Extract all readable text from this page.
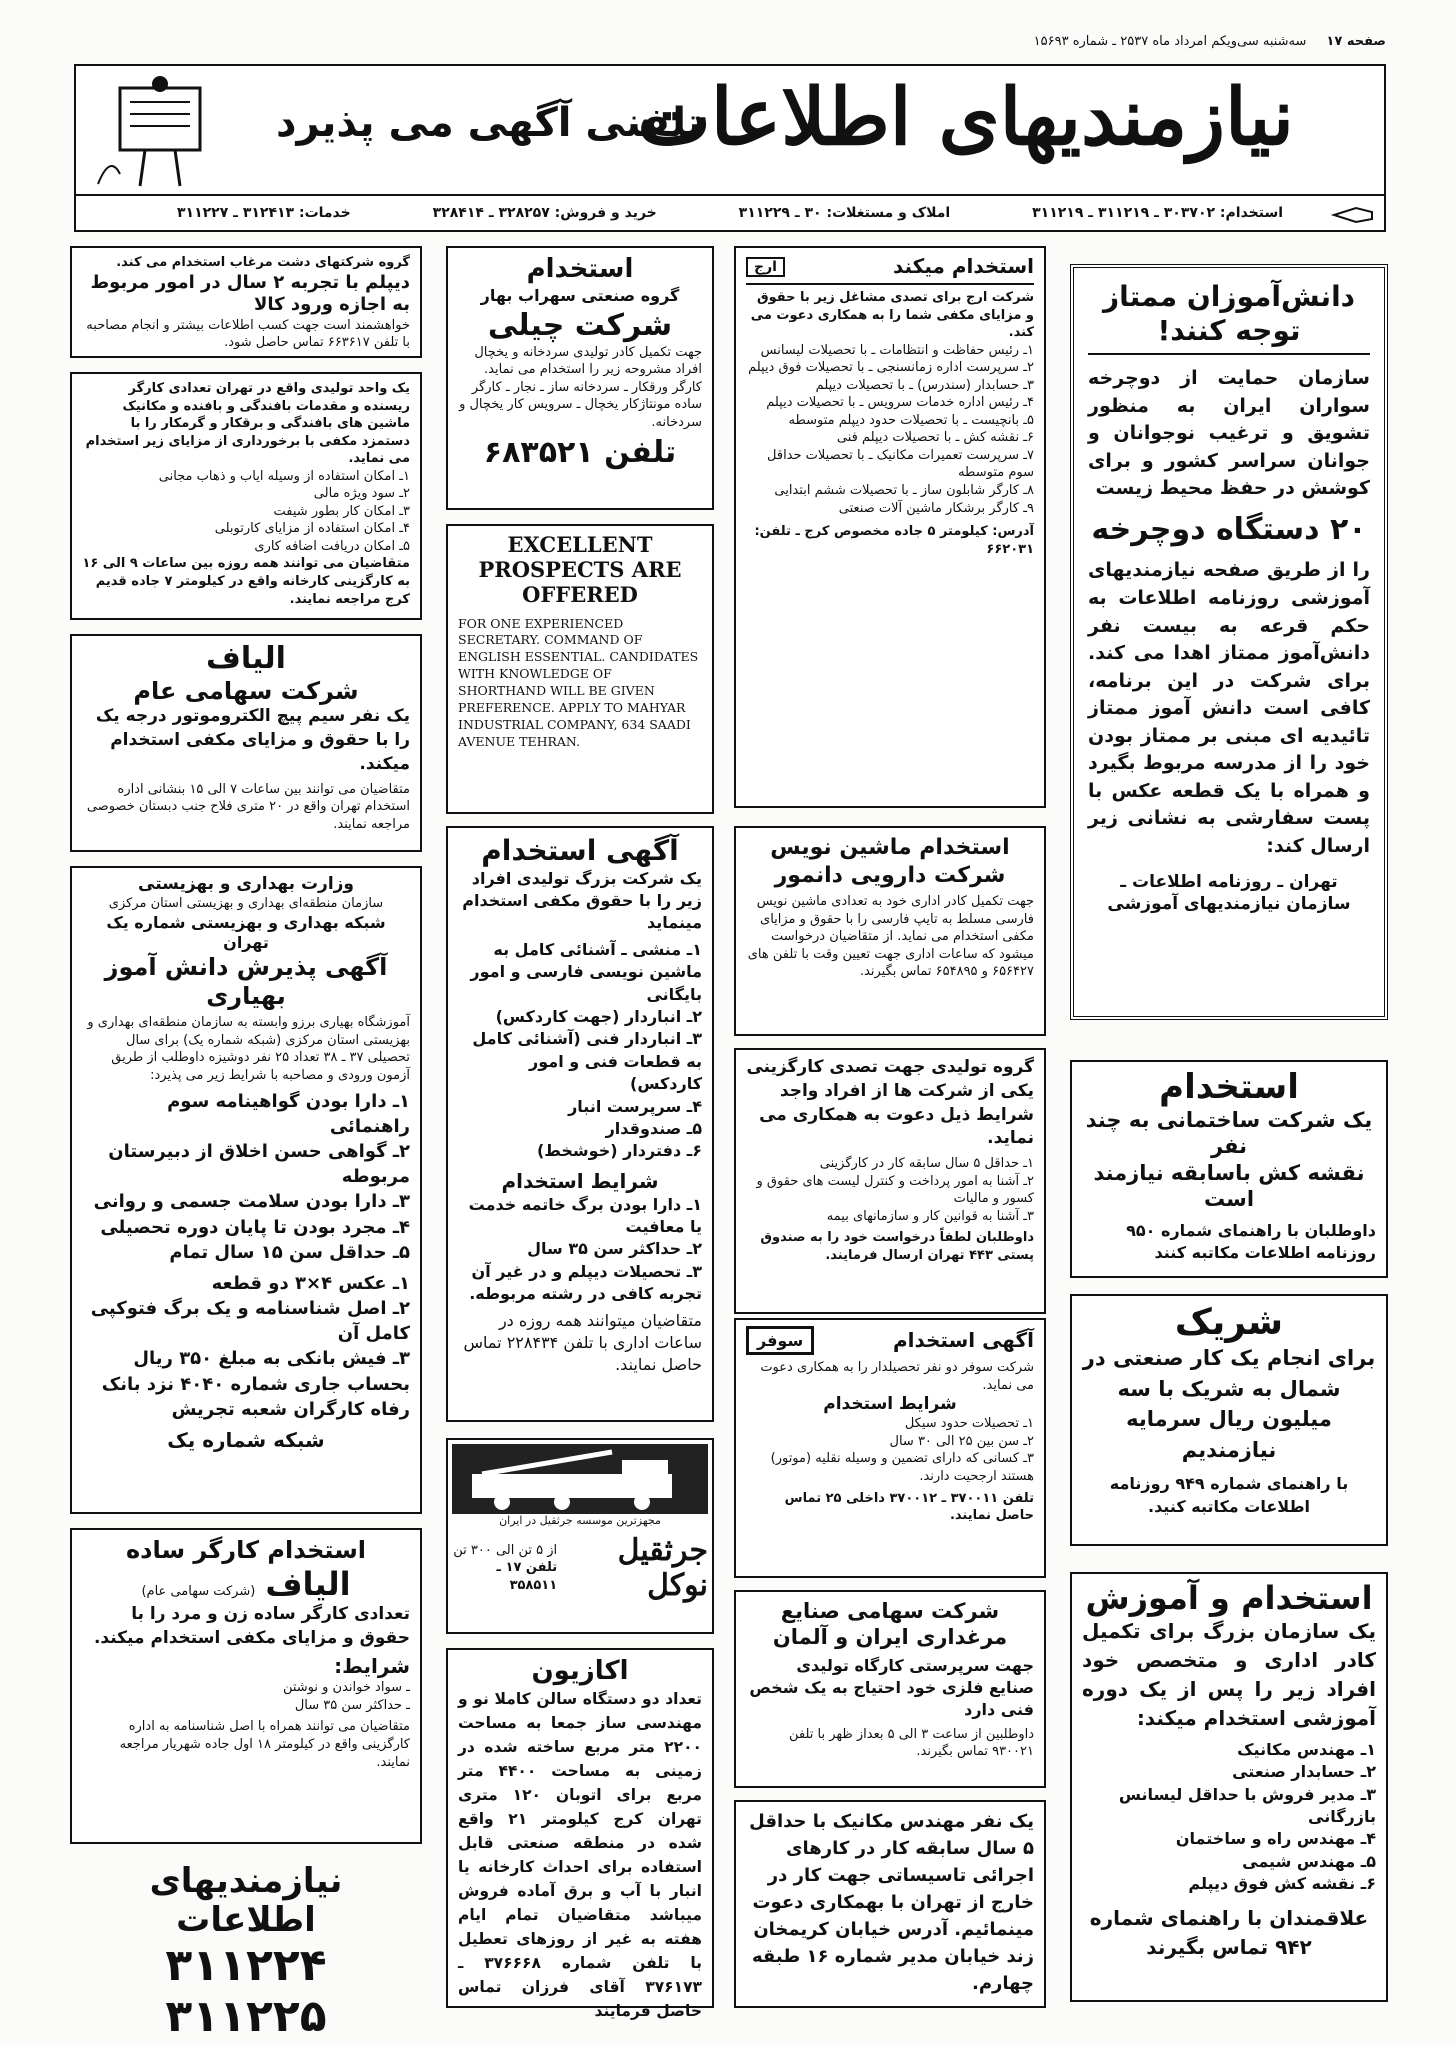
صفحه ۱۷
سه‌شنبه سی‌ویکم امرداد ماه ۲۵۳۷ ـ شماره ۱۵۶۹۳
نیازمندیهای اطلاعات
تلفنی آگهی می پذیرد
استخدام: ۳۰۳۷۰۲ ـ ۳۱۱۲۱۹ ـ ۳۱۱۲۱۹
املاک و مستغلات: ۳۰ ـ ۳۱۱۲۲۹
خرید و فروش: ۳۲۸۲۵۷ ـ ۳۲۸۴۱۴
خدمات: ۳۱۲۴۱۳ ـ ۳۱۱۲۲۷
دانش‌آموزان ممتاز توجه کنند!
سازمان حمایت از دوچرخه سواران ایران به منظور تشویق و ترغیب نوجوانان و جوانان سراسر کشور و برای کوشش در حفظ محیط زیست
۲۰ دستگاه دوچرخه
را از طریق صفحه نیازمندیهای آموزشی روزنامه اطلاعات به حکم قرعه به بیست نفر دانش‌آموز ممتاز اهدا می کند. برای شرکت در این برنامه، کافی است دانش آموز ممتاز تائیدیه ای مبنی بر ممتاز بودن خود را از مدرسه مربوط بگیرد و همراه با یک قطعه عکس با پست سفارشی به نشانی زیر ارسال کند:
تهران ـ روزنامه اطلاعات ـ سازمان نیازمندیهای آموزشی
استخدام
یک شرکت ساختمانی به چند نفر
نقشه کش باسابقه نیازمند است
داوطلبان با راهنمای شماره ۹۵۰ روزنامه اطلاعات مکاتبه کنند
شریک
برای انجام یک کار صنعتی در شمال به شریک با سه میلیون ریال سرمایه نیازمندیم
با راهنمای شماره ۹۴۹ روزنامه اطلاعات مکاتبه کنید.
استخدام و آموزش
یک سازمان بزرگ برای تکمیل کادر اداری و متخصص خود افراد زیر را پس از یک دوره آموزشی استخدام میکند:
۱ـ مهندس مکانیک
۲ـ حسابدار صنعتی
۳ـ مدیر فروش با حداقل لیسانس بازرگانی
۴ـ مهندس راه و ساختمان
۵ـ مهندس شیمی
۶ـ نقشه کش فوق دیپلم
علاقمندان با راهنمای شماره ۹۴۲ تماس بگیرند
استخدام میکند
ارج
شرکت ارج برای تصدی مشاغل زیر با حقوق و مزایای مکفی شما را به همکاری دعوت می کند.
۱ـ رئیس حفاظت و انتظامات ـ با تحصیلات لیسانس
۲ـ سرپرست اداره زمانسنجی ـ با تحصیلات فوق دیپلم
۳ـ حسابدار (سندرس) ـ با تحصیلات دیپلم
۴ـ رئیس اداره خدمات سرویس ـ با تحصیلات دیپلم
۵ـ بانچیست ـ با تحصیلات حدود دیپلم متوسطه
۶ـ نقشه کش ـ با تحصیلات دیپلم فنی
۷ـ سرپرست تعمیرات مکانیک ـ با تحصیلات حداقل سوم متوسطه
۸ـ کارگر شابلون ساز ـ با تحصیلات ششم ابتدایی
۹ـ کارگر برشکار ماشین آلات صنعتی
آدرس: کیلومتر ۵ جاده مخصوص کرج ـ تلفن: ۶۶۲۰۳۱
استخدام ماشین نویس
شرکت دارویی دانمور
جهت تکمیل کادر اداری خود به تعدادی ماشین نویس فارسی مسلط به تایپ فارسی را با حقوق و مزایای مکفی استخدام می نماید. از متقاضیان درخواست میشود که ساعات اداری جهت تعیین وقت با تلفن های ۶۵۶۴۲۷ و ۶۵۴۸۹۵ تماس بگیرند.
گروه تولیدی جهت تصدی کارگزینی یکی از شرکت ها از افراد واجد شرایط ذیل دعوت به همکاری می نماید.
۱ـ حداقل ۵ سال سابقه کار در کارگزینی
۲ـ آشنا به امور پرداخت و کنترل لیست های حقوق و کسور و مالیات
۳ـ آشنا به قوانین کار و سازمانهای بیمه
داوطلبان لطفاً درخواست خود را به صندوق پستی ۴۴۳ تهران ارسال فرمایند.
آگهی استخدام
سوفر
شرکت سوفر دو نفر تحصیلدار را به همکاری دعوت می نماید.
شرایط استخدام
۱ـ تحصیلات حدود سیکل
۲ـ سن بین ۲۵ الی ۳۰ سال
۳ـ کسانی که دارای تضمین و وسیله نقلیه (موتور) هستند ارجحیت دارند.
تلفن ۳۷۰۰۱۱ ـ ۳۷۰۰۱۲ داخلی ۲۵ تماس حاصل نمایند.
شرکت سهامی صنایع مرغداری ایران و آلمان
جهت سرپرستی کارگاه تولیدی صنایع فلزی خود احتیاج به یک شخص فنی دارد
داوطلبین از ساعت ۳ الی ۵ بعداز ظهر با تلفن ۹۳۰۰۲۱ تماس بگیرند.
یک نفر مهندس مکانیک با حداقل ۵ سال سابقه کار در کارهای اجرائی تاسیساتی جهت کار در خارج از تهران با بهمکاری دعوت مینمائیم. آدرس خیابان کریمخان زند خیابان مدیر شماره ۱۶ طبقه چهارم.
استخدام
گروه صنعتی سهراب بهار
شرکت چیلی
جهت تکمیل کادر تولیدی سردخانه و یخچال افراد مشروحه زیر را استخدام می نماید. کارگر ورقکار ـ سردخانه ساز ـ نجار ـ کارگر ساده مونتاژکار یخچال ـ سرویس کار یخچال و سردخانه.
تلفن ۶۸۳۵۲۱
EXCELLENT PROSPECTS ARE OFFERED
FOR ONE EXPERIENCED SECRETARY. COMMAND OF ENGLISH ESSENTIAL. CANDIDATES WITH KNOWLEDGE OF SHORTHAND WILL BE GIVEN PREFERENCE. APPLY TO MAHYAR INDUSTRIAL COMPANY, 634 SAADI AVENUE TEHRAN.
آگهی استخدام
یک شرکت بزرگ تولیدی افراد زیر را با حقوق مکفی استخدام مینماید
۱ـ منشی ـ آشنائی کامل به ماشین نویسی فارسی و امور بایگانی
۲ـ انباردار (جهت کاردکس)
۳ـ انباردار فنی (آشنائی کامل به قطعات فنی و امور کاردکس)
۴ـ سرپرست انبار
۵ـ صندوقدار
۶ـ دفتردار (خوشخط)
شرایط استخدام
۱ـ دارا بودن برگ خاتمه خدمت یا معافیت
۲ـ حداکثر سن ۳۵ سال
۳ـ تحصیلات دیپلم و در غیر آن تجربه کافی در رشته مربوطه.
متقاضیان میتوانند همه روزه در ساعات اداری با تلفن ۲۲۸۴۳۴ تماس حاصل نمایند.
مجهزترین موسسه جرثقیل در ایران
جرثقیل نوکل
از ۵ تن الی ۳۰۰ تن
تلفن ۱۷ ـ ۳۵۸۵۱۱
اکازیون
تعداد دو دستگاه سالن کاملا نو و مهندسی ساز جمعا به مساحت ۲۲۰۰ متر مربع ساخته شده در زمینی به مساحت ۴۴۰۰ متر مربع برای اتوبان ۱۲۰ متری تهران کرج کیلومتر ۲۱ واقع شده در منطقه صنعتی قابل استفاده برای احداث کارخانه یا انبار با آب و برق آماده فروش میباشد متقاضیان تمام ایام هفته به غیر از روزهای تعطیل با تلفن شماره ۳۷۶۶۶۸ ـ ۳۷۶۱۷۳ آقای فرزان تماس حاصل فرمایند
گروه شرکتهای دشت مرغاب استخدام می کند.
دیپلم با تجربه ۲ سال در امور مربوط به اجازه ورود کالا
خواهشمند است جهت کسب اطلاعات بیشتر و انجام مصاحبه با تلفن ۶۶۳۶۱۷ تماس حاصل شود.
یک واحد تولیدی واقع در تهران تعدادی کارگر ریسنده و مقدمات بافندگی و بافنده و مکانیک ماشین های بافندگی و برقکار و گرمکار را با دستمزد مکفی با برخورداری از مزایای زیر استخدام می نماید.
۱ـ امکان استفاده از وسیله ایاب و ذهاب مجانی
۲ـ سود ویژه مالی
۳ـ امکان کار بطور شیفت
۴ـ امکان استفاده از مزایای کارتوبلی
۵ـ امکان دریافت اضافه کاری
متقاضیان می توانند همه روزه بین ساعات ۹ الی ۱۶ به کارگزینی کارخانه واقع در کیلومتر ۷ جاده قدیم کرج مراجعه نمایند.
الیاف
شرکت سهامی عام
یک نفر سیم پیچ الکتروموتور درجه یک را با حقوق و مزایای مکفی استخدام میکند.
متقاضیان می توانند بین ساعات ۷ الی ۱۵ بنشانی اداره استخدام تهران واقع در ۲۰ متری فلاح جنب دبستان خصوصی مراجعه نمایند.
وزارت بهداری و بهزیستی
سازمان منطقه‌ای بهداری و بهزیستی استان مرکزی
شبکه بهداری و بهزیستی شماره یک تهران
آگهی پذیرش دانش آموز بهیاری
آموزشگاه بهیاری برزو وابسته به سازمان منطقه‌ای بهداری و بهزیستی استان مرکزی (شبکه شماره یک) برای سال تحصیلی ۳۷ ـ ۳۸ تعداد ۲۵ نفر دوشیزه داوطلب از طریق آزمون ورودی و مصاحبه با شرایط زیر می پذیرد:
۱ـ دارا بودن گواهینامه سوم راهنمائی
۲ـ گواهی حسن اخلاق از دبیرستان مربوطه
۳ـ دارا بودن سلامت جسمی و روانی
۴ـ مجرد بودن تا پایان دوره تحصیلی
۵ـ حداقل سن ۱۵ سال تمام
۱ـ عکس ۴×۳ دو قطعه
۲ـ اصل شناسنامه و یک برگ فتوکپی کامل آن
۳ـ فیش بانکی به مبلغ ۳۵۰ ریال بحساب جاری شماره ۴۰۴۰ نزد بانک رفاه کارگران شعبه تجریش
شبکه شماره یک
استخدام کارگر ساده
الیاف
(شرکت سهامی عام)
تعدادی کارگر ساده زن و مرد را با حقوق و مزایای مکفی استخدام میکند.
شرایط:
ـ سواد خواندن و نوشتن
ـ حداکثر سن ۳۵ سال
متقاضیان می توانند همراه با اصل شناسنامه به اداره کارگزینی واقع در کیلومتر ۱۸ اول جاده شهریار مراجعه نمایند.
نیازمندیهای اطلاعات
۳۱۱۲۲۴ ۳۱۱۲۲۵
